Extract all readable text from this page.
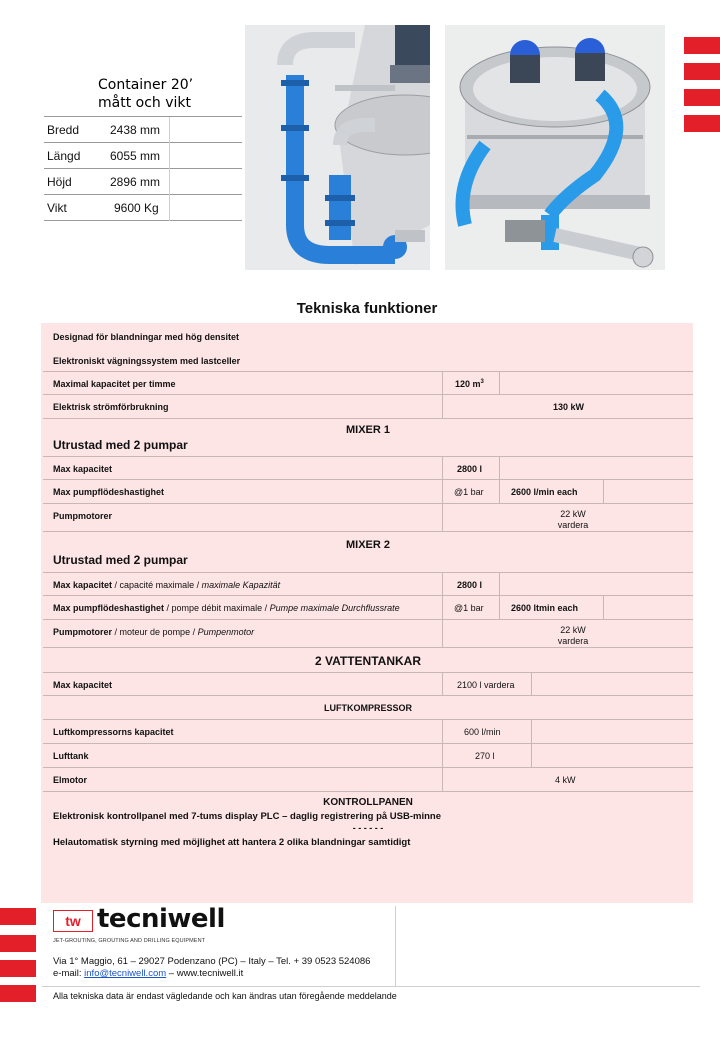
Container 20’
mått och vikt
Bredd	2438 mm
Längd 6055 mm
Höjd	2896 mm
Vikt	9600 Kg
Tekniska funktioner
Designad för blandningar med hög densitet
Elektroniskt vägningssystem med lastceller
Maximal kapacitet per timme	120 $m^3$
Elektrisk strömförbrukning	130 kW
MIXER 1
Utrustad med 2 pumpar
Max kapacitet	2800 l
Max pumpflödeshastighet	@1 bar	2600 l/min each
Pumpmotorer	22 kW
vardera
MIXER 2
Utrustad med 2 pumpar
Max kapacitet / capacité maximale / maximale Kapazität	2800 l
Max pumpflödeshastighet / pompe débit maximale / Pumpe maximale Durchflussrate	@1 bar	2600 ltmin each
Pumpmotorer / moteur de pompe / Pumpenmotor	22 kW
vardera
2 VATTENTANKAR
Max kapacitet	2100 l vardera
LUFTKOMPRESSOR
Luftkompressorns kapacitet	600 l/min
Lufttank	270 l
Elmotor	4 kW
KONTROLLPANEN
Elektronisk kontrollpanel med 7-tums display PLC – daglig registrering på USB-minne
- - - - - -
Helautomatisk styrning med möjlighet att hantera 2 olika blandningar samtidigt
tw tecniwell
JET-GROUTING, GROUTING AND DRILLING EQUIPMENT
Via 1° Maggio, 61 – 29027 Podenzano (PC) – Italy – Tel. + 39 0523 524086
e-mail: info@tecniwell.com – www.tecniwell.it
Alla tekniska data är endast vägledande och kan ändras utan föregående meddelande
